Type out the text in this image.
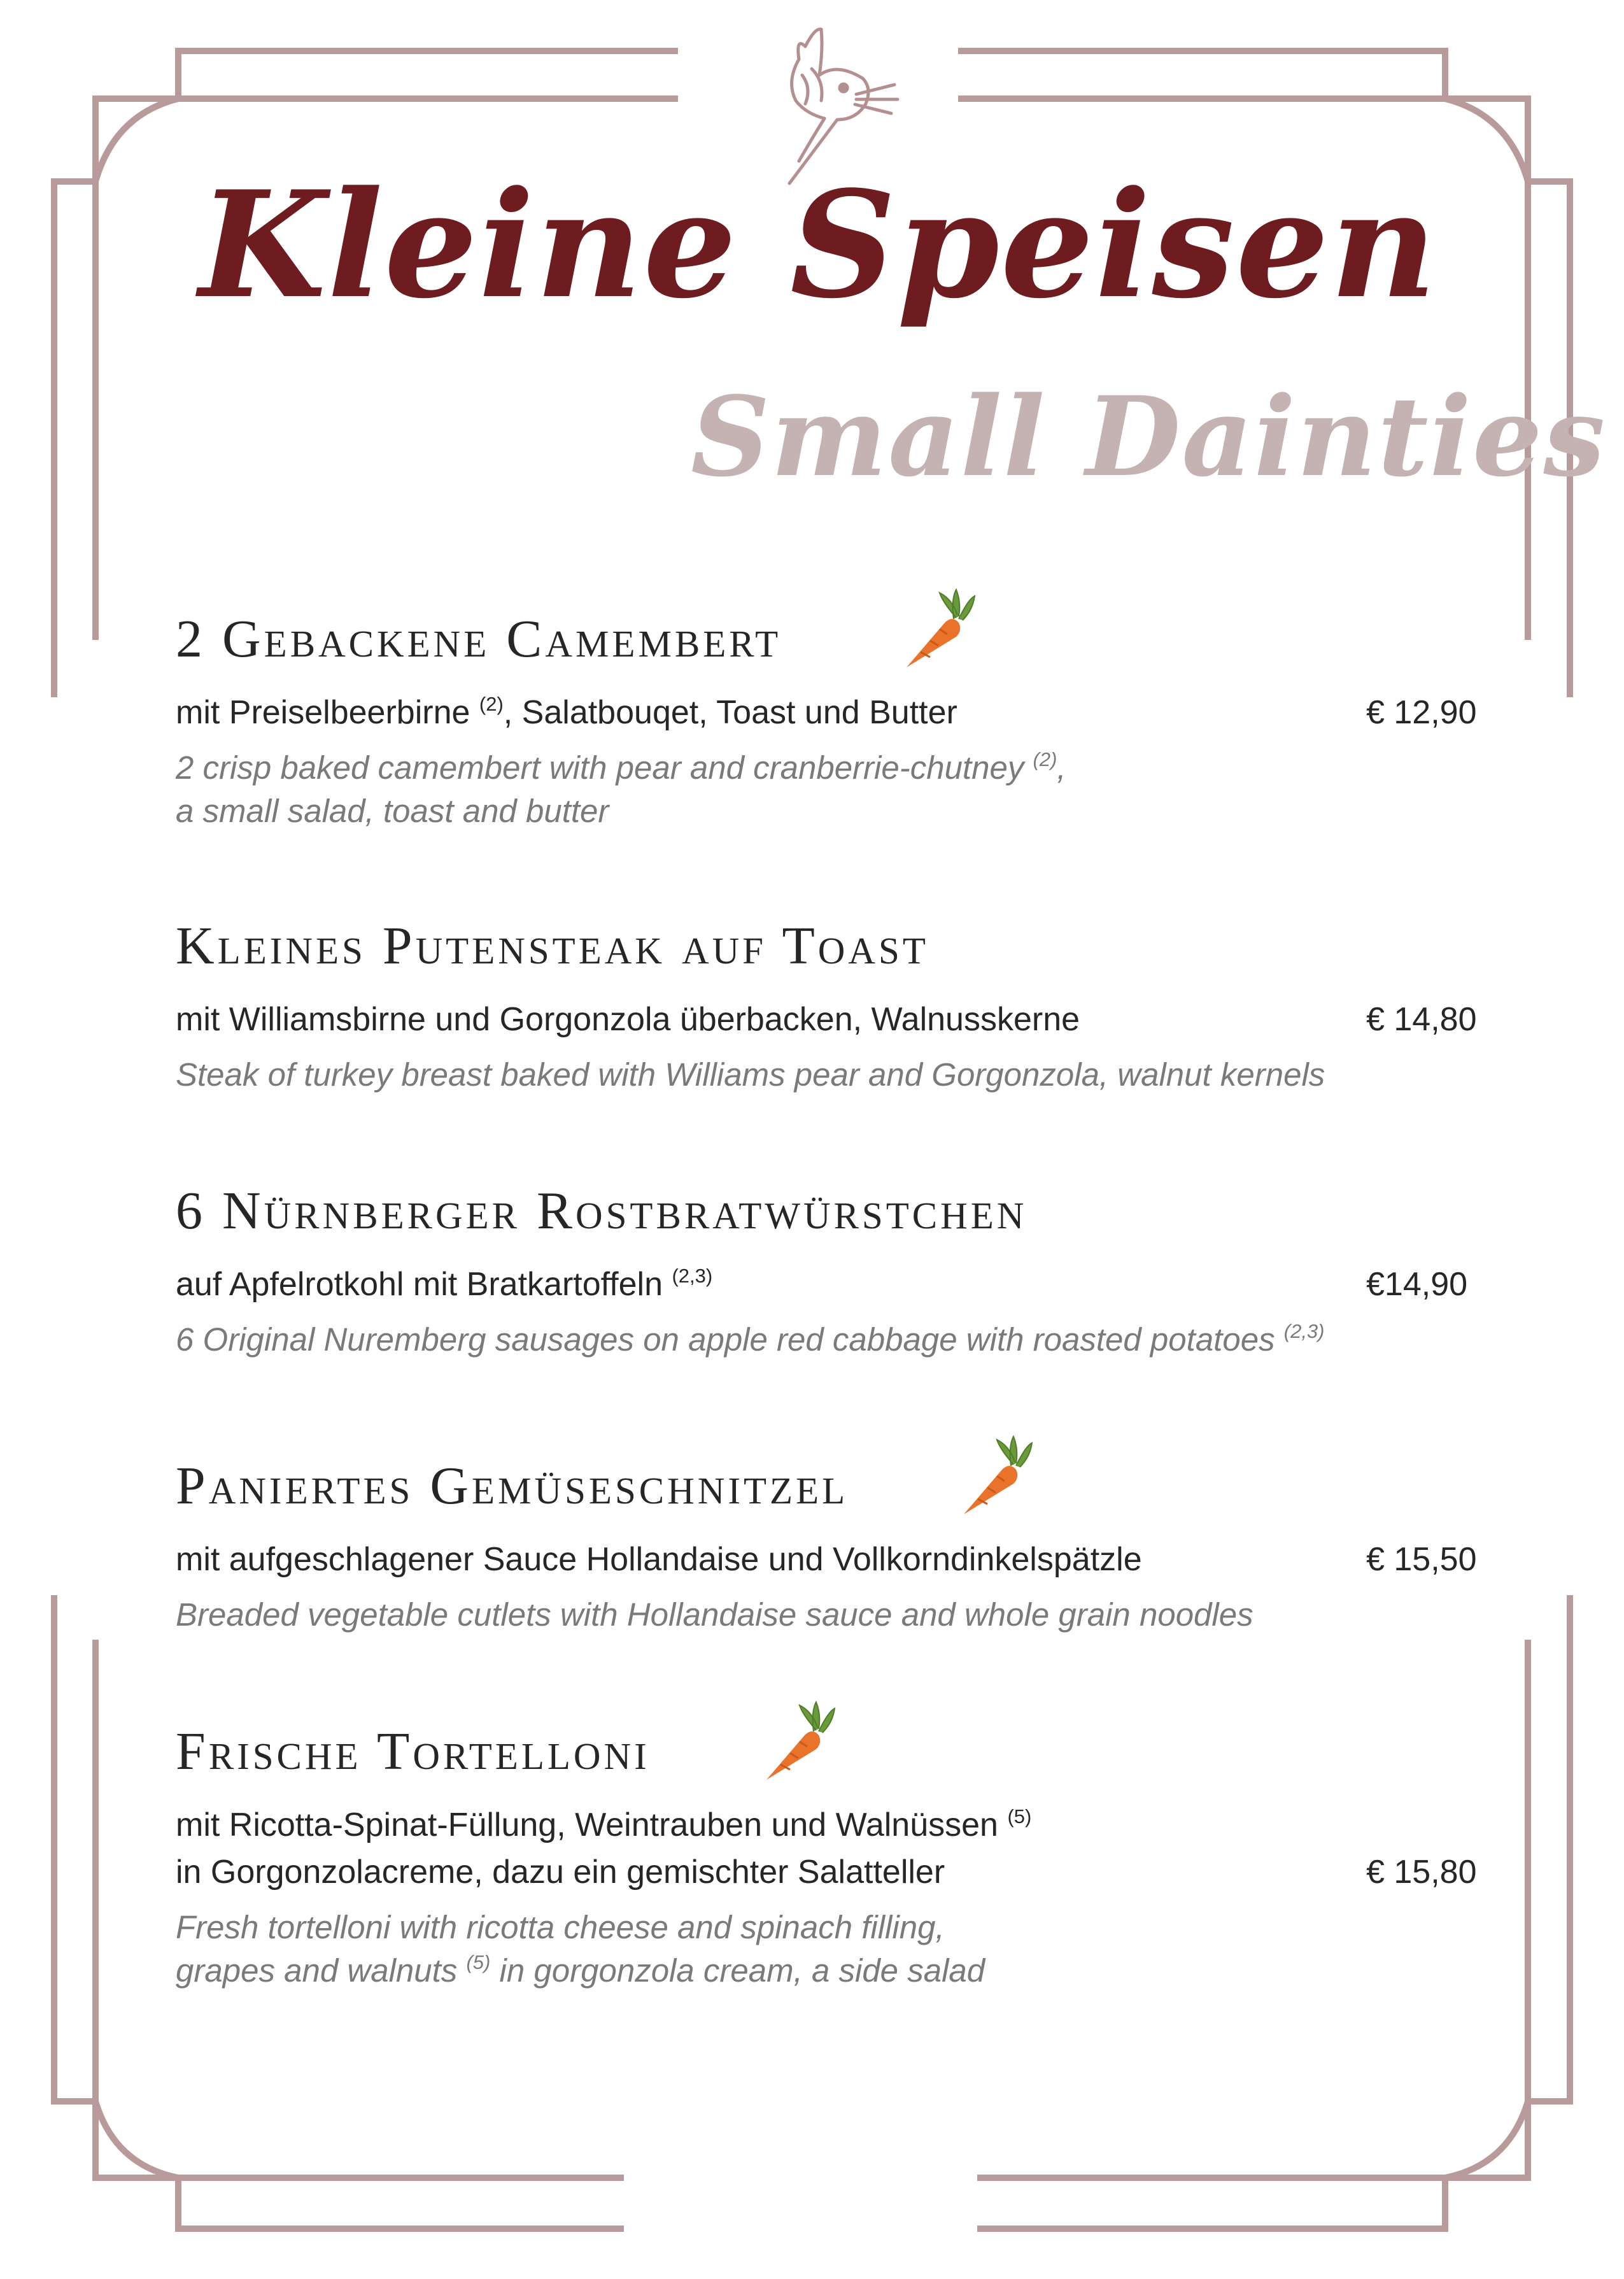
Kleine Speisen
Small Dainties
2 Gebackene Camembert
mit Preiselbeerbirne $^{(2)}$, Salatbouqet, Toast und Butter	€ 12,90
2 crisp baked camembert with pear and cranberrie-chutney $^{(2)}$,
a small salad, toast and butter
Kleines Putensteak auf Toast
mit Williamsbirne und Gorgonzola überbacken, Walnusskerne	€ 14,80
Steak of turkey breast baked with Williams pear and Gorgonzola, walnut kernels
6 Nürnberger Rostbratwürstchen
auf Apfelrotkohl mit Bratkartoffeln $^{(2,3)}$	€14,90
6 Original Nuremberg sausages on apple red cabbage with roasted potatoes $^{(2,3)}$
Paniertes Gemüseschnitzel
mit aufgeschlagener Sauce Hollandaise und Vollkorndinkelspätzle	€ 15,50
Breaded vegetable cutlets with Hollandaise sauce and whole grain noodles
Frische Tortelloni
mit Ricotta-Spinat-Füllung, Weintrauben und Walnüssen $^{(5)}$
in Gorgonzolacreme, dazu ein gemischter Salatteller	€ 15,80
Fresh tortelloni with ricotta cheese and spinach filling,
grapes and walnuts $^{(5)}$ in gorgonzola cream, a side salad
